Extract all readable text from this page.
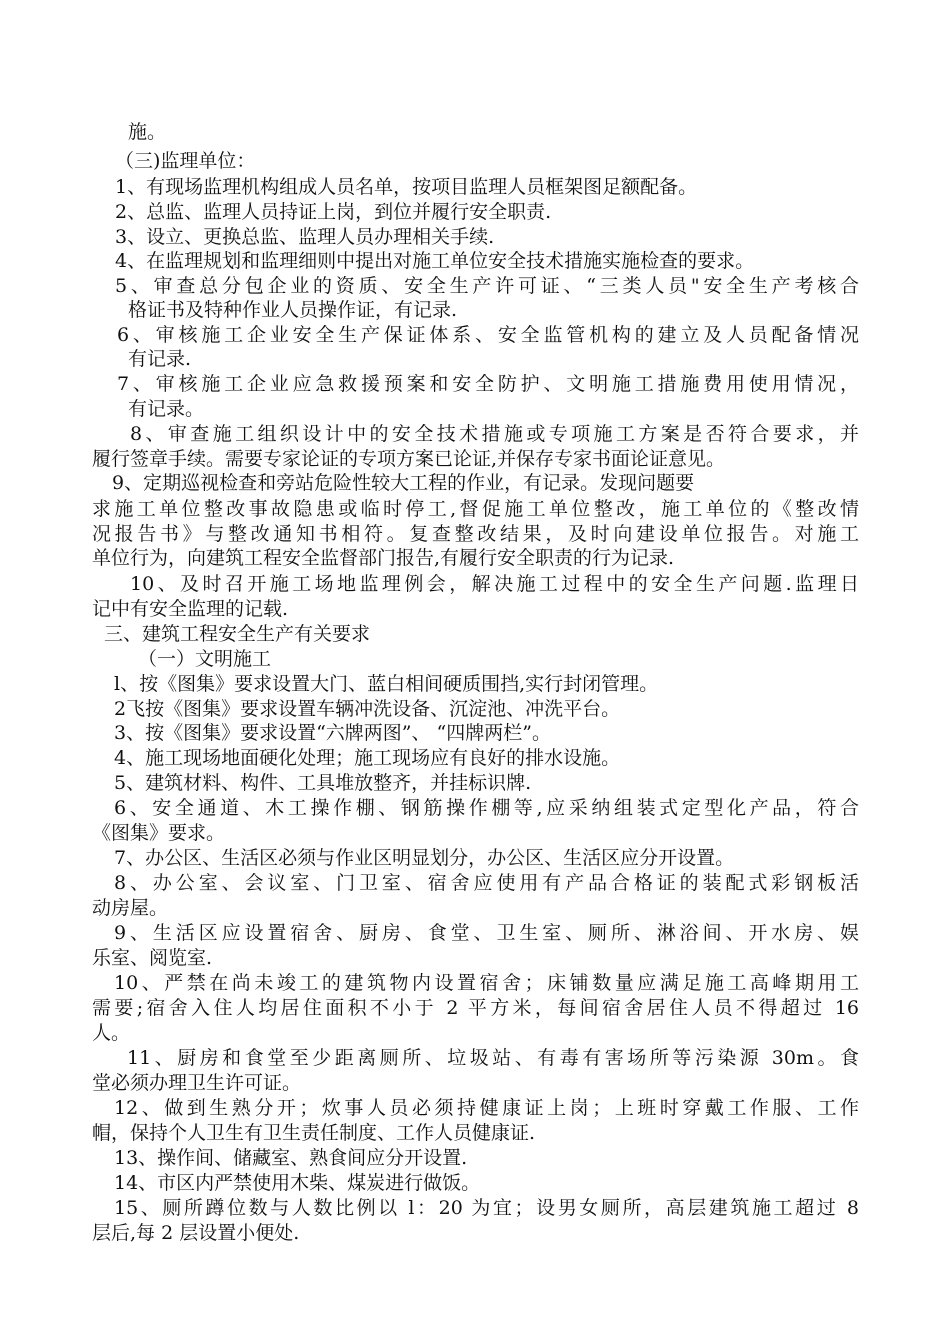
施。
（三)监理单位：
1、有现场监理机构组成人员名单，按项目监理人员框架图足额配备。
2、总监、监理人员持证上岗，到位并履行安全职责.
3、设立、更换总监、监理人员办理相关手续.
4、在监理规划和监理细则中提出对施工单位安全技术措施实施检查的要求。
5、审查总分包企业的资质、安全生产许可证、“三类人员"安全生产考核合
格证书及特种作业人员操作证，有记录.
6、审核施工企业安全生产保证体系、安全监管机构的建立及人员配备情况
有记录.
7、审核施工企业应急救援预案和安全防护、文明施工措施费用使用情况，
有记录。
8、审查施工组织设计中的安全技术措施或专项施工方案是否符合要求，并
履行签章手续。需要专家论证的专项方案已论证,并保存专家书面论证意见。
9、定期巡视检查和旁站危险性较大工程的作业，有记录。发现问题要
求施工单位整改事故隐患或临时停工,督促施工单位整改，施工单位的《整改情
况报告书》与整改通知书相符。复查整改结果，及时向建设单位报告。对施工
单位行为，向建筑工程安全监督部门报告,有履行安全职责的行为记录.
10、及时召开施工场地监理例会，解决施工过程中的安全生产问题.监理日
记中有安全监理的记载.
三、建筑工程安全生产有关要求
（一）文明施工
l、按《图集》要求设置大门、蓝白相间硬质围挡,实行封闭管理。
2飞按《图集》要求设置车辆冲洗设备、沉淀池、冲洗平台。
3、按《图集》要求设置“六牌两图”、 “四牌两栏”。
4、施工现场地面硬化处理；施工现场应有良好的排水设施。
5、建筑材料、构件、工具堆放整齐，并挂标识牌.
6、安全通道、木工操作棚、钢筋操作棚等,应采纳组装式定型化产品，符合
《图集》要求。
7、办公区、生活区必须与作业区明显划分，办公区、生活区应分开设置。
8、办公室、会议室、门卫室、宿舍应使用有产品合格证的装配式彩钢板活
动房屋。
9、生活区应设置宿舍、厨房、食堂、卫生室、厕所、淋浴间、开水房、娱
乐室、阅览室.
10、严禁在尚未竣工的建筑物内设置宿舍；床铺数量应满足施工高峰期用工
需要;宿舍入住人均居住面积不小于 2 平方米，每间宿舍居住人员不得超过 16
人。
11、厨房和食堂至少距离厕所、垃圾站、有毒有害场所等污染源 30m。食
堂必须办理卫生许可证。
12、做到生熟分开；炊事人员必须持健康证上岗；上班时穿戴工作服、工作
帽，保持个人卫生有卫生责任制度、工作人员健康证.
13、操作间、储藏室、熟食间应分开设置.
14、市区内严禁使用木柴、煤炭进行做饭。
15、厕所蹲位数与人数比例以 l：20 为宜；设男女厕所，高层建筑施工超过 8
层后,每 2 层设置小便处.
